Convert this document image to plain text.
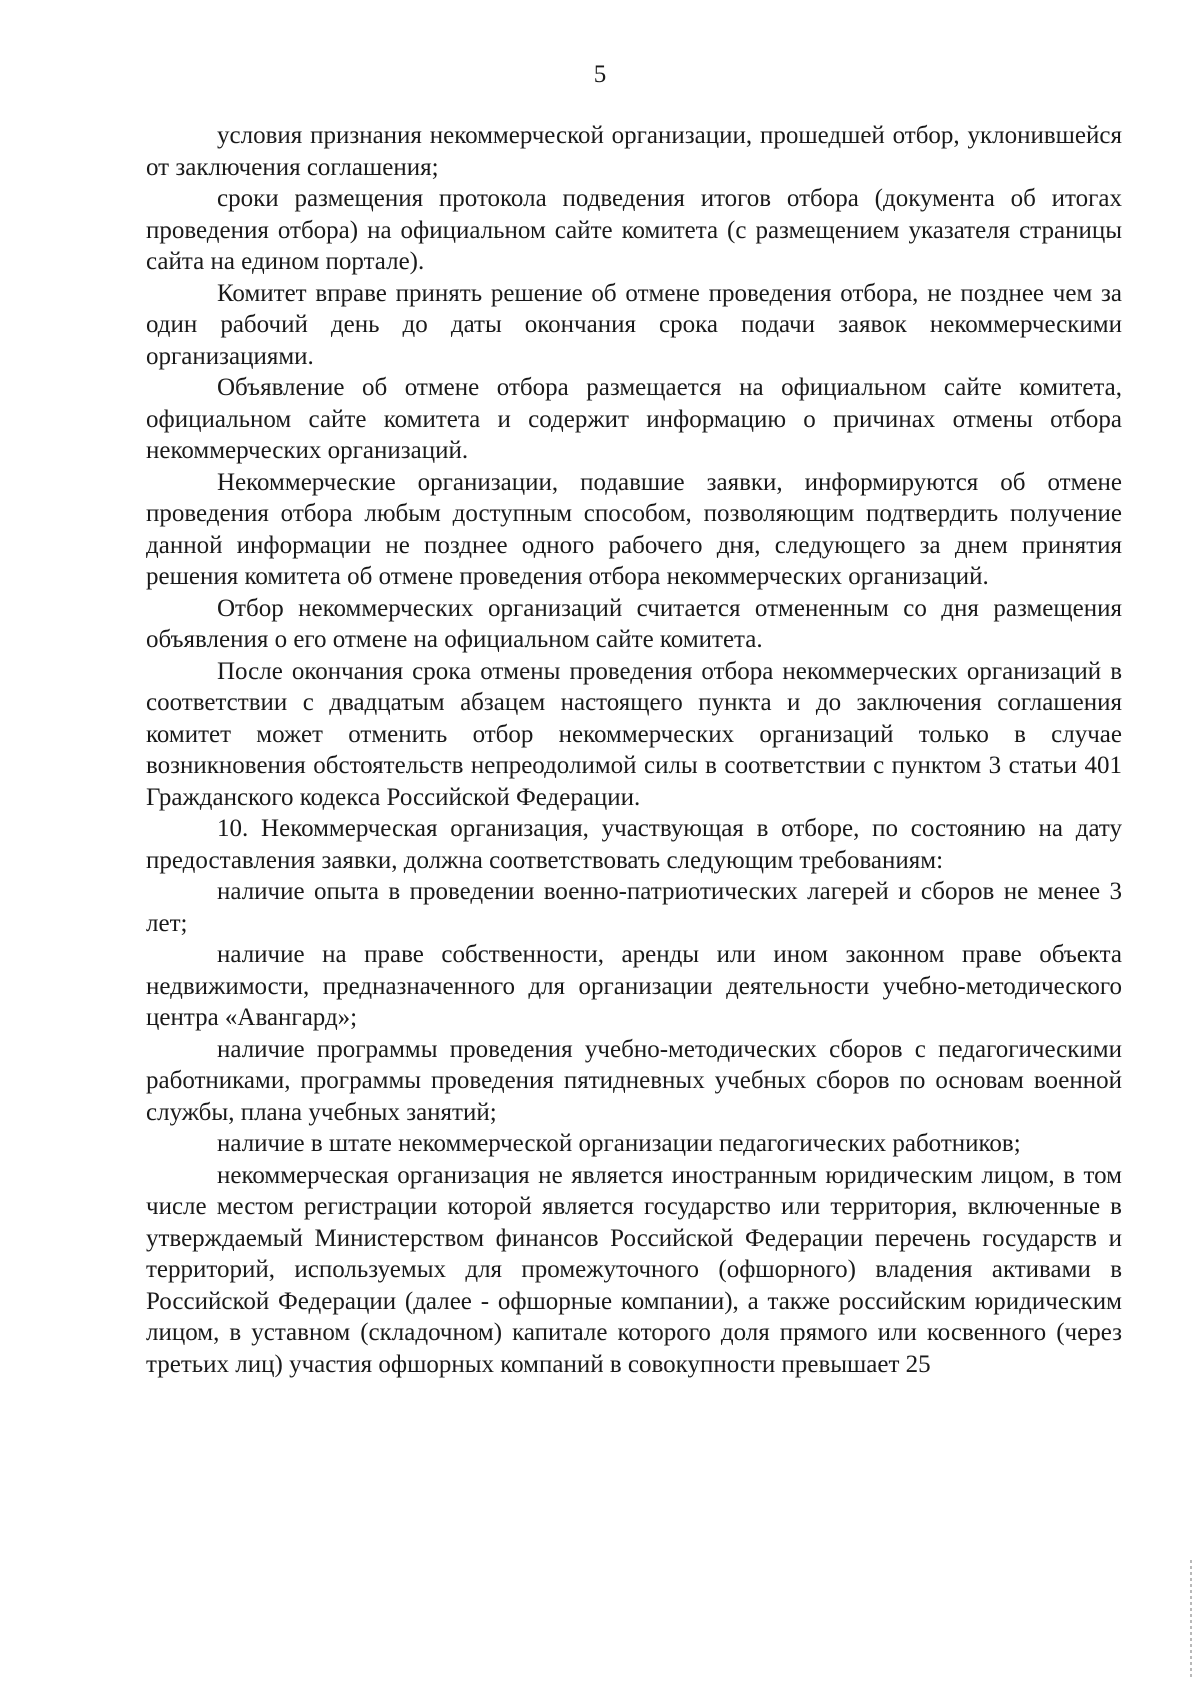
5

условия признания некоммерческой организации, прошедшей отбор, уклонившейся от заключения соглашения;

сроки размещения протокола подведения итогов отбора (документа об итогах проведения отбора) на официальном сайте комитета (с размещением указателя страницы сайта на едином портале).

Комитет вправе принять решение об отмене проведения отбора, не позднее чем за один рабочий день до даты окончания срока подачи заявок некоммерческими организациями.

Объявление об отмене отбора размещается на официальном сайте комитета, официальном сайте комитета и содержит информацию о причинах отмены отбора некоммерческих организаций.

Некоммерческие организации, подавшие заявки, информируются об отмене проведения отбора любым доступным способом, позволяющим подтвердить получение данной информации не позднее одного рабочего дня, следующего за днем принятия решения комитета об отмене проведения отбора некоммерческих организаций.

Отбор некоммерческих организаций считается отмененным со дня размещения объявления о его отмене на официальном сайте комитета.

После окончания срока отмены проведения отбора некоммерческих организаций в соответствии с двадцатым абзацем настоящего пункта и до заключения соглашения комитет может отменить отбор некоммерческих организаций только в случае возникновения обстоятельств непреодолимой силы в соответствии с пунктом 3 статьи 401 Гражданского кодекса Российской Федерации.

10. Некоммерческая организация, участвующая в отборе, по состоянию на дату предоставления заявки, должна соответствовать следующим требованиям:

наличие опыта в проведении военно-патриотических лагерей и сборов не менее 3 лет;

наличие на праве собственности, аренды или ином законном праве объекта недвижимости, предназначенного для организации деятельности учебно-методического центра «Авангард»;

наличие программы проведения учебно-методических сборов с педагогическими работниками, программы проведения пятидневных учебных сборов по основам военной службы, плана учебных занятий;

наличие в штате некоммерческой организации педагогических работников;

некоммерческая организация не является иностранным юридическим лицом, в том числе местом регистрации которой является государство или территория, включенные в утверждаемый Министерством финансов Российской Федерации перечень государств и территорий, используемых для промежуточного (офшорного) владения активами в Российской Федерации (далее - офшорные компании), а также российским юридическим лицом, в уставном (складочном) капитале которого доля прямого или косвенного (через третьих лиц) участия офшорных компаний в совокупности превышает 25
